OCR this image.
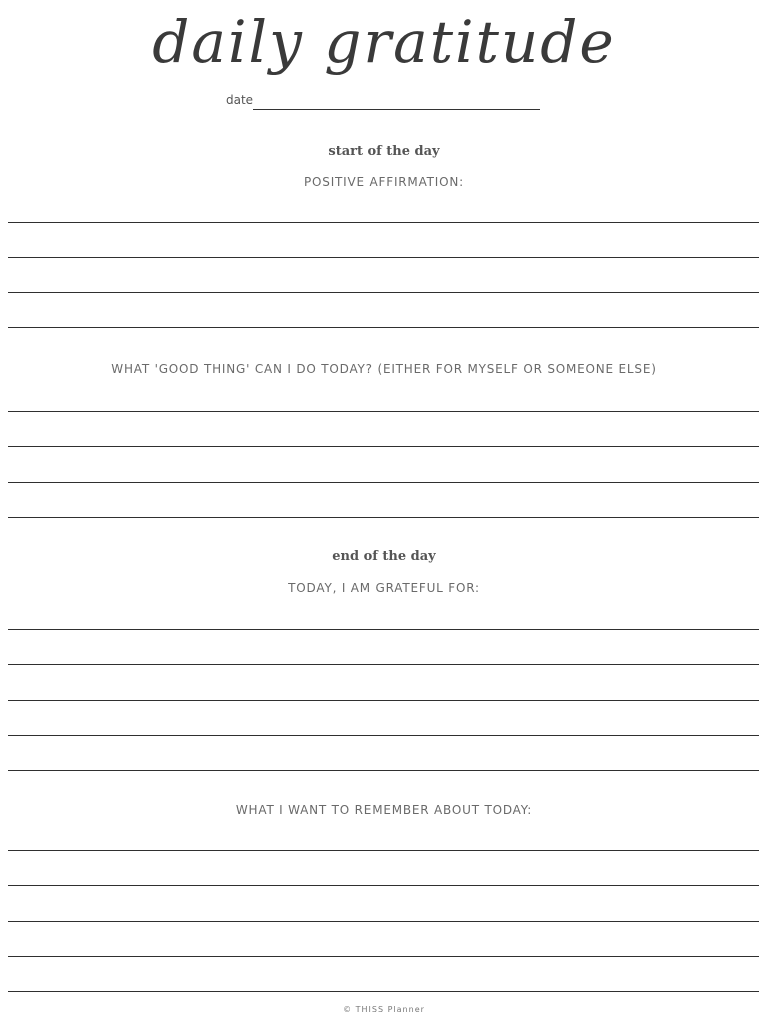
daily gratitude
date
start of the day
POSITIVE AFFIRMATION:
WHAT 'GOOD THING' CAN I DO TODAY? (EITHER FOR MYSELF OR SOMEONE ELSE)
end of the day
TODAY, I AM GRATEFUL FOR:
WHAT I WANT TO REMEMBER ABOUT TODAY:
© THISS Planner
